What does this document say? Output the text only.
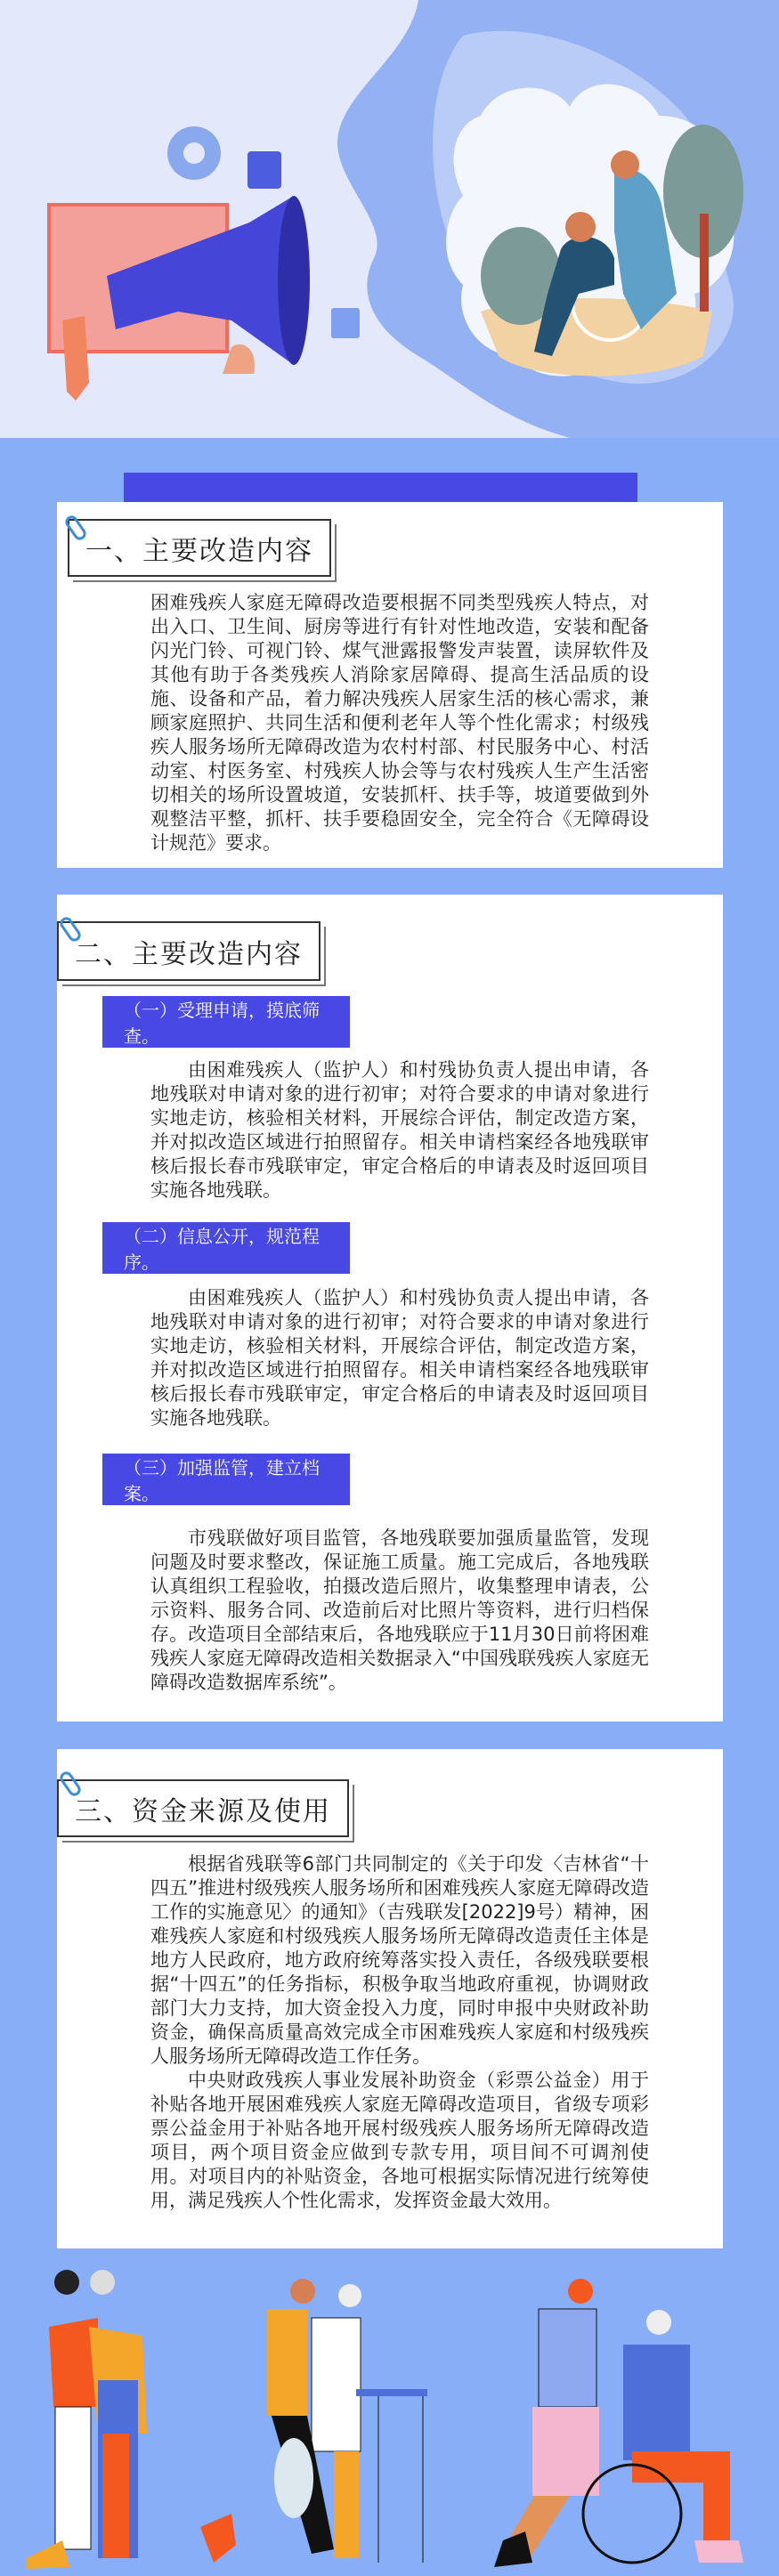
一、主要改造内容

困难残疾人家庭无障碍改造要根据不同类型残疾人特点，对出入口、卫生间、厨房等进行有针对性地改造，安装和配备闪光门铃、可视门铃、煤气泄露报警发声装置，读屏软件及其他有助于各类残疾人消除家居障碍、提高生活品质的设施、设备和产品，着力解决残疾人居家生活的核心需求，兼顾家庭照护、共同生活和便利老年人等个性化需求；村级残疾人服务场所无障碍改造为农村村部、村民服务中心、村活动室、村医务室、村残疾人协会等与农村残疾人生产生活密切相关的场所设置坡道，安装抓杆、扶手等，坡道要做到外观整洁平整，抓杆、扶手要稳固安全，完全符合《无障碍设计规范》要求。

二、主要改造内容
（一）受理申请，摸底筛查。

由困难残疾人（监护人）和村残协负责人提出申请，各地残联对申请对象的进行初审；对符合要求的申请对象进行实地走访，核验相关材料，开展综合评估，制定改造方案，并对拟改造区域进行拍照留存。相关申请档案经各地残联审核后报长春市残联审定，审定合格后的申请表及时返回项目实施各地残联。

（二）信息公开，规范程序。

由困难残疾人（监护人）和村残协负责人提出申请，各地残联对申请对象的进行初审；对符合要求的申请对象进行实地走访，核验相关材料，开展综合评估，制定改造方案，并对拟改造区域进行拍照留存。相关申请档案经各地残联审核后报长春市残联审定，审定合格后的申请表及时返回项目实施各地残联。

（三）加强监管，建立档案。

市残联做好项目监管，各地残联要加强质量监管，发现问题及时要求整改，保证施工质量。施工完成后，各地残联认真组织工程验收，拍摄改造后照片，收集整理申请表，公示资料、服务合同、改造前后对比照片等资料，进行归档保存。改造项目全部结束后，各地残联应于11月30日前将困难残疾人家庭无障碍改造相关数据录入“中国残联残疾人家庭无障碍改造数据库系统”。

三、资金来源及使用

根据省残联等6部门共同制定的《关于印发〈吉林省“十四五”推进村级残疾人服务场所和困难残疾人家庭无障碍改造工作的实施意见〉的通知》（吉残联发[2022]9号）精神，困难残疾人家庭和村级残疾人服务场所无障碍改造责任主体是地方人民政府，地方政府统筹落实投入责任，各级残联要根据“十四五”的任务指标，积极争取当地政府重视，协调财政部门大力支持，加大资金投入力度，同时申报中央财政补助资金，确保高质量高效完成全市困难残疾人家庭和村级残疾人服务场所无障碍改造工作任务。

中央财政残疾人事业发展补助资金（彩票公益金）用于补贴各地开展困难残疾人家庭无障碍改造项目，省级专项彩票公益金用于补贴各地开展村级残疾人服务场所无障碍改造项目，两个项目资金应做到专款专用，项目间不可调剂使用。对项目内的补贴资金，各地可根据实际情况进行统筹使用，满足残疾人个性化需求，发挥资金最大效用。
